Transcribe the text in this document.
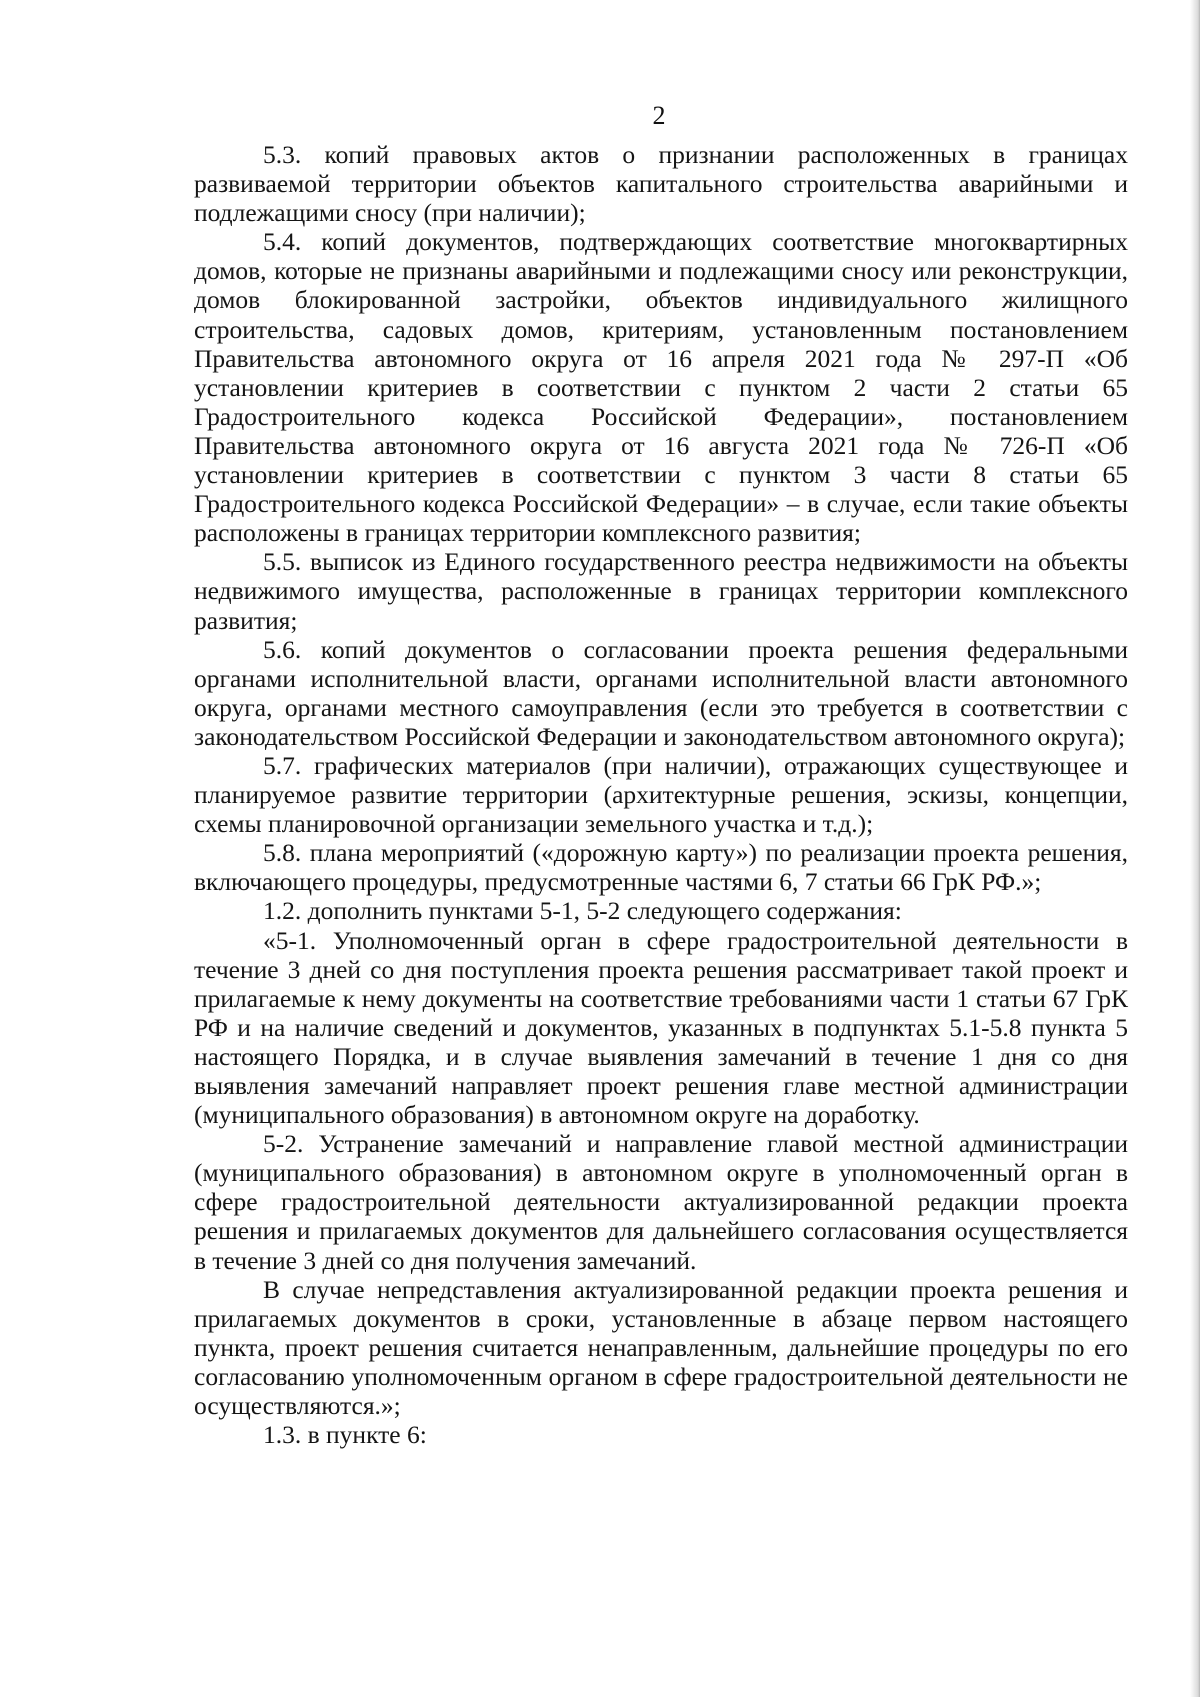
2

5.3. копий правовых актов о признании расположенных в границах развиваемой территории объектов капитального строительства аварийными и подлежащими сносу (при наличии);

5.4. копий документов, подтверждающих соответствие многоквартирных домов, которые не признаны аварийными и подлежащими сносу или реконструкции, домов блокированной застройки, объектов индивидуального жилищного строительства, садовых домов, критериям, установленным постановлением Правительства автономного округа от 16 апреля 2021 года № 297-П «Об установлении критериев в соответствии с пунктом 2 части 2 статьи 65 Градостроительного кодекса Российской Федерации», постановлением Правительства автономного округа от 16 августа 2021 года № 726-П «Об установлении критериев в соответствии с пунктом 3 части 8 статьи 65 Градостроительного кодекса Российской Федерации» – в случае, если такие объекты расположены в границах территории комплексного развития;

5.5. выписок из Единого государственного реестра недвижимости на объекты недвижимого имущества, расположенные в границах территории комплексного развития;

5.6. копий документов о согласовании проекта решения федеральными органами исполнительной власти, органами исполнительной власти автономного округа, органами местного самоуправления (если это требуется в соответствии с законодательством Российской Федерации и законодательством автономного округа);

5.7. графических материалов (при наличии), отражающих существующее и планируемое развитие территории (архитектурные решения, эскизы, концепции, схемы планировочной организации земельного участка и т.д.);

5.8. плана мероприятий («дорожную карту») по реализации проекта решения, включающего процедуры, предусмотренные частями 6, 7 статьи 66 ГрК РФ.»;

1.2. дополнить пунктами 5-1, 5-2 следующего содержания:

«5-1. Уполномоченный орган в сфере градостроительной деятельности в течение 3 дней со дня поступления проекта решения рассматривает такой проект и прилагаемые к нему документы на соответствие требованиями части 1 статьи 67 ГрК РФ и на наличие сведений и документов, указанных в подпунктах 5.1-5.8 пункта 5 настоящего Порядка, и в случае выявления замечаний в течение 1 дня со дня выявления замечаний направляет проект решения главе местной администрации (муниципального образования) в автономном округе на доработку.

5-2. Устранение замечаний и направление главой местной администрации (муниципального образования) в автономном округе в уполномоченный орган в сфере градостроительной деятельности актуализированной редакции проекта решения и прилагаемых документов для дальнейшего согласования осуществляется в течение 3 дней со дня получения замечаний.

В случае непредставления актуализированной редакции проекта решения и прилагаемых документов в сроки, установленные в абзаце первом настоящего пункта, проект решения считается ненаправленным, дальнейшие процедуры по его согласованию уполномоченным органом в сфере градостроительной деятельности не осуществляются.»;

1.3. в пункте 6:
